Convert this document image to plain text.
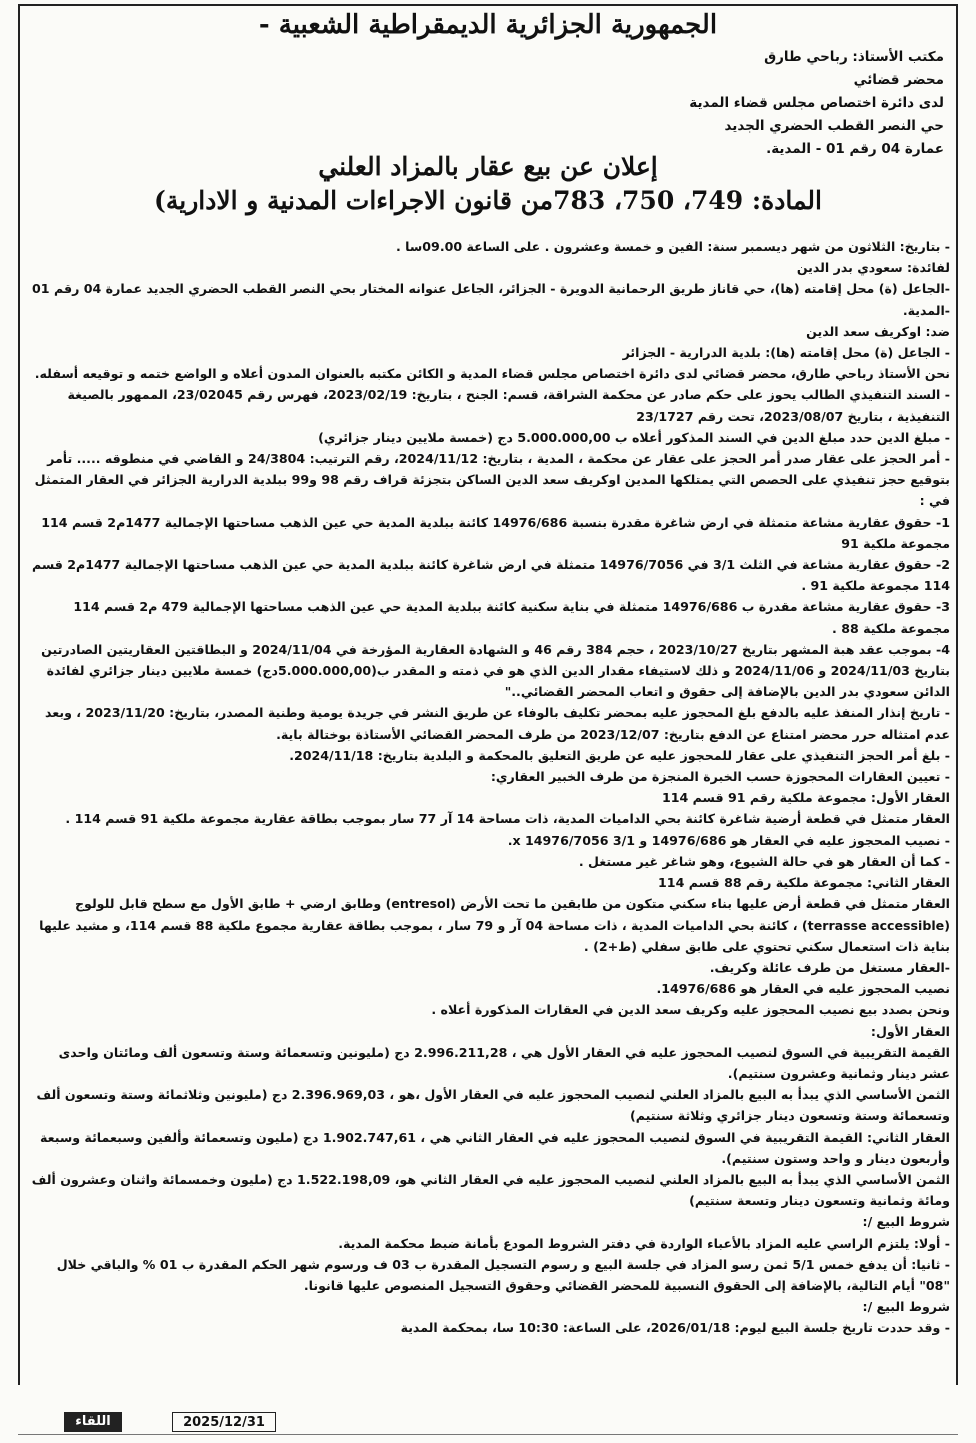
- الجمهورية الجزائرية الديمقراطية الشعبية
مكتب الأستاذ: رباحي طارق
محضر قضائي
لدى دائرة اختصاص مجلس قضاء المدية
حي النصر القطب الحضري الجديد
عمارة 04 رقم 01 - المدية.
إعلان عن بيع عقار بالمزاد العلني
المادة: 749، 750، 783من قانون الاجراءات المدنية و الادارية)

- بتاريخ: الثلاثون من شهر ديسمبر سنة: الفين و خمسة وعشرون . على الساعة 09.00سا .

لفائدة: سعودي بدر الدين

-الجاعل (ة) محل إقامته (ها)، حي قاناز طريق الرحمانية الدويرة - الجزائر، الجاعل عنوانه المختار بحي النصر القطب الحضري الجديد عمارة 04 رقم 01 -المدية.

ضد: اوكريف سعد الدين

- الجاعل (ة) محل إقامته (ها): بلدية الدرارية - الجزائر

نحن الأستاذ رباحي طارق، محضر قضائي لدى دائرة اختصاص مجلس قضاء المدية و الكائن مكتبه بالعنوان المدون أعلاه و الواضع ختمه و توقيعه أسفله.

- السند التنفيذي الطالب يحوز على حكم صادر عن محكمة الشراقة، قسم: الجنح ، بتاريخ: 2023/02/19، فهرس رقم 23/02045، الممهور بالصيغة التنفيذية ، بتاريخ 2023/08/07، تحت رقم 23/1727

- مبلغ الدين حدد مبلغ الدين في السند المذكور أعلاه ب 5.000.000,00 دج (خمسة ملايين دينار جزائري)

- أمر الحجز على عقار صدر أمر الحجز على عقار عن محكمة ، المدية ، بتاريخ: 2024/11/12، رقم الترتيب: 24/3804 و القاضي في منطوقه ..... تأمر بتوقيع حجز تنفيذي على الحصص التي يمتلكها المدين اوكريف سعد الدين الساكن بتجزئة قراف رقم 98 و99 ببلدية الدرارية الجزائر في العقار المتمثل في :

1- حقوق عقارية مشاعة متمثلة في ارض شاغرة مقدرة بنسبة 14976/686 كائنة ببلدية المدية حي عين الذهب مساحتها الإجمالية 1477م2 قسم 114 مجموعة ملكية 91

2- حقوق عقارية مشاعة في الثلث 3/1 في 14976/7056 متمثلة في ارض شاغرة كائنة ببلدية المدية حي عين الذهب مساحتها الإجمالية 1477م2 قسم 114 مجموعة ملكية 91 .

3- حقوق عقارية مشاعة مقدرة ب 14976/686 متمثلة في بناية سكنية كائنة ببلدية المدية حي عين الذهب مساحتها الإجمالية 479 م2 قسم 114 مجموعة ملكية 88 .

4- بموجب عقد هبة المشهر بتاريخ 2023/10/27 ، حجم 384 رقم 46 و الشهادة العقارية المؤرخة في 2024/11/04 و البطاقتين العقاريتين الصادرتين بتاريخ 2024/11/03 و 2024/11/06 و ذلك لاستيفاء مقدار الدين الذي هو في ذمته و المقدر ب(5.000.000,00دج) خمسة ملايين دينار جزائري لفائدة الدائن سعودي بدر الدين بالإضافة إلى حقوق و اتعاب المحضر القضائي.."

- تاريخ إنذار المنفذ عليه بالدفع بلغ المحجوز عليه بمحضر تكليف بالوفاء عن طريق النشر في جريدة يومية وطنية المصدر، بتاريخ: 2023/11/20 ، وبعد عدم امتثاله حرر محضر امتناع عن الدفع بتاريخ: 2023/12/07 من طرف المحضر القضائي الأستاذة بوختالة باية.

- بلغ أمر الحجز التنفيذي على عقار للمحجوز عليه عن طريق التعليق بالمحكمة و البلدية بتاريخ: 2024/11/18.

- تعيين العقارات المحجوزة حسب الخبرة المنجزة من طرف الخبير العقاري:

العقار الأول: مجموعة ملكية رقم 91 قسم 114

العقار متمثل في قطعة أرضية شاغرة كائنة بحي الداميات المدية، ذات مساحة 14 آر 77 سار بموجب بطاقة عقارية مجموعة ملكية 91 قسم 114 .

- نصيب المحجوز عليه في العقار هو 14976/686 و 3/1 x 14976/7056.

- كما أن العقار هو في حالة الشيوع، وهو شاغر غير مستغل .

العقار الثاني: مجموعة ملكية رقم 88 قسم 114

العقار متمثل في قطعة أرض عليها بناء سكني متكون من طابقين ما تحت الأرض (entresol) وطابق ارضي + طابق الأول مع سطح قابل للولوج (terrasse accessible) ، كائنة بحي الداميات المدية ، ذات مساحة 04 آر و 79 سار ، بموجب بطاقة عقارية مجموع ملكية 88 قسم 114، و مشيد عليها بناية ذات استعمال سكني تحتوي على طابق سفلي (ط+2) .

-العقار مستغل من طرف عائلة وكريف.

نصيب المحجوز عليه في العقار هو 14976/686.

ونحن بصدد بيع نصيب المحجوز عليه وكريف سعد الدين في العقارات المذكورة أعلاه .

العقار الأول:

القيمة التقريبية في السوق لنصيب المحجوز عليه في العقار الأول هي ، 2.996.211,28 دج (مليونين وتسعمائة وستة وتسعون ألف ومائتان واحدى عشر دينار وثمانية وعشرون سنتيم).

الثمن الأساسي الذي يبدأ به البيع بالمزاد العلني لنصيب المحجوز عليه في العقار الأول ،هو ، 2.396.969,03 دج (مليونين وثلاثمائة وستة وتسعون ألف وتسعمائة وستة وتسعون دينار جزائري وثلاثة سنتيم)

العقار الثاني: القيمة التقريبية في السوق لنصيب المحجوز عليه في العقار الثاني هي ، 1.902.747,61 دج (مليون وتسعمائة وألفين وسبعمائة وسبعة وأربعون دينار و واحد وستون سنتيم).

الثمن الأساسي الذي يبدأ به البيع بالمزاد العلني لنصيب المحجوز عليه في العقار الثاني هو، 1.522.198,09 دج (مليون وخمسمائة واثنان وعشرون ألف ومائة وثمانية وتسعون دينار وتسعة سنتيم)

شروط البيع /:

- أولا: يلتزم الراسي عليه المزاد بالأعباء الواردة في دفتر الشروط المودع بأمانة ضبط محكمة المدية.

- ثانيا: أن يدفع خمس 5/1 ثمن رسو المزاد في جلسة البيع و رسوم التسجيل المقدرة ب 03 ف ورسوم شهر الحكم المقدرة ب 01 % والباقي خلال "08" أيام التالية، بالإضافة إلى الحقوق النسبية للمحضر القضائي وحقوق التسجيل المنصوص عليها قانونا.

شروط البيع /:

- وقد حددت تاريخ جلسة البيع ليوم: 2026/01/18، على الساعة: 10:30 سا، بمحكمة المدية

اللقاء	2025/12/31
